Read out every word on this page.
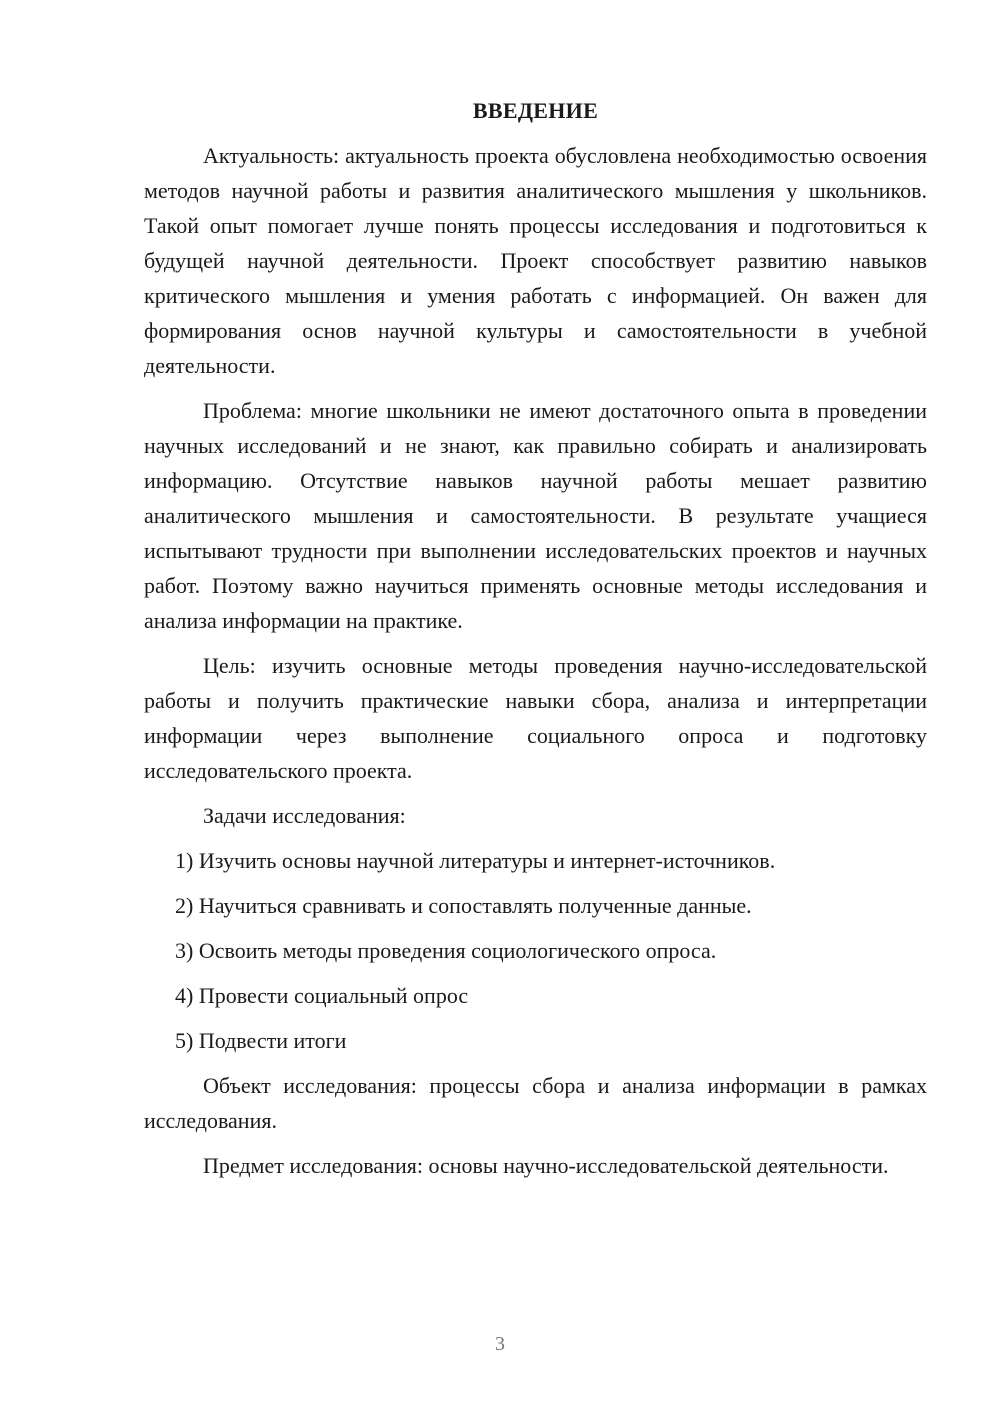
ВВЕДЕНИЕ

Актуальность: актуальность проекта обусловлена необходимостью освоения методов научной работы и развития аналитического мышления у школьников. Такой опыт помогает лучше понять процессы исследования и подготовиться к будущей научной деятельности. Проект способствует развитию навыков критического мышления и умения работать с информацией. Он важен для формирования основ научной культуры и самостоятельности в учебной деятельности.

Проблема: многие школьники не имеют достаточного опыта в проведении научных исследований и не знают, как правильно собирать и анализировать информацию. Отсутствие навыков научной работы мешает развитию аналитического мышления и самостоятельности. В результате учащиеся испытывают трудности при выполнении исследовательских проектов и научных работ. Поэтому важно научиться применять основные методы исследования и анализа информации на практике.

Цель: изучить основные методы проведения научно-исследовательской работы и получить практические навыки сбора, анализа и интерпретации информации через выполнение социального опроса и подготовку исследовательского проекта.

Задачи исследования:

1) Изучить основы научной литературы и интернет-источников.
2) Научиться сравнивать и сопоставлять полученные данные.
3) Освоить методы проведения социологического опроса.
4) Провести социальный опрос
5) Подвести итоги

Объект исследования: процессы сбора и анализа информации в рамках исследования.

Предмет исследования: основы научно-исследовательской деятельности.

3
